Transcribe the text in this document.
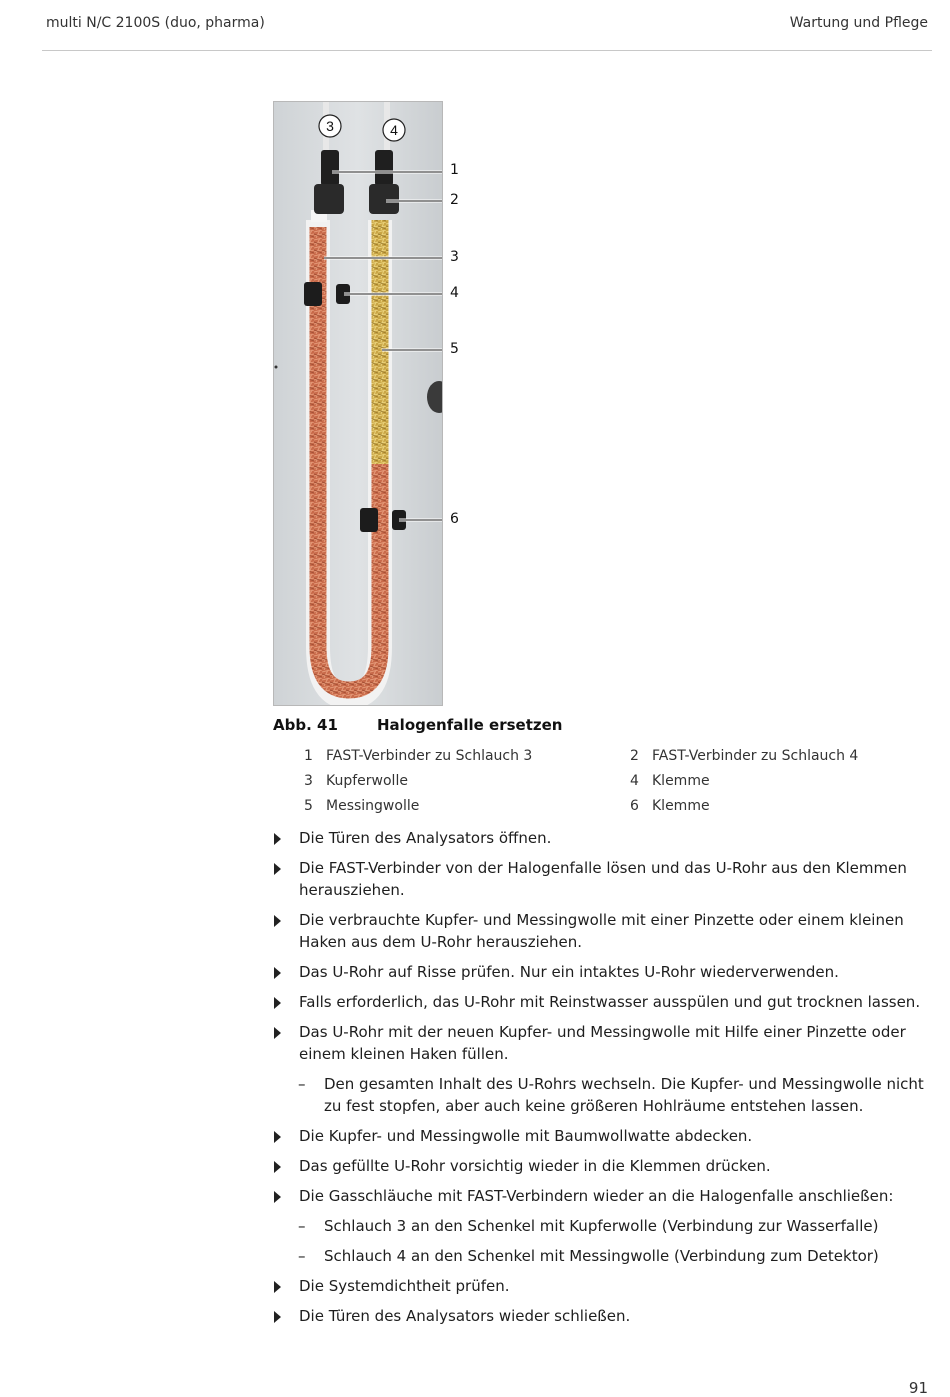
multi N/C 2100S (duo, pharma)	Wartung und Pflege
3	4
1
2
3
4
5
6
Abb. 41	Halogenfalle ersetzen
1 FAST-Verbinder zu Schlauch 3	2 FAST-Verbinder zu Schlauch 4
3 Kupferwolle	4 Klemme
5 Messingwolle	6 Klemme
Die Türen des Analysators öffnen.
Die FAST-Verbinder von der Halogenfalle lösen und das U-Rohr aus den Klemmen herausziehen.
Die verbrauchte Kupfer- und Messingwolle mit einer Pinzette oder einem kleinen Haken aus dem U-Rohr herausziehen.
Das U-Rohr auf Risse prüfen. Nur ein intaktes U-Rohr wiederverwenden.
Falls erforderlich, das U-Rohr mit Reinstwasser ausspülen und gut trocknen lassen.
Das U-Rohr mit der neuen Kupfer- und Messingwolle mit Hilfe einer Pinzette oder einem kleinen Haken füllen.
– Den gesamten Inhalt des U-Rohrs wechseln. Die Kupfer- und Messingwolle nicht zu fest stopfen, aber auch keine größeren Hohlräume entstehen lassen.
Die Kupfer- und Messingwolle mit Baumwollwatte abdecken.
Das gefüllte U-Rohr vorsichtig wieder in die Klemmen drücken.
Die Gasschläuche mit FAST-Verbindern wieder an die Halogenfalle anschließen:
– Schlauch 3 an den Schenkel mit Kupferwolle (Verbindung zur Wasserfalle)
– Schlauch 4 an den Schenkel mit Messingwolle (Verbindung zum Detektor)
Die Systemdichtheit prüfen.
Die Türen des Analysators wieder schließen.
91
